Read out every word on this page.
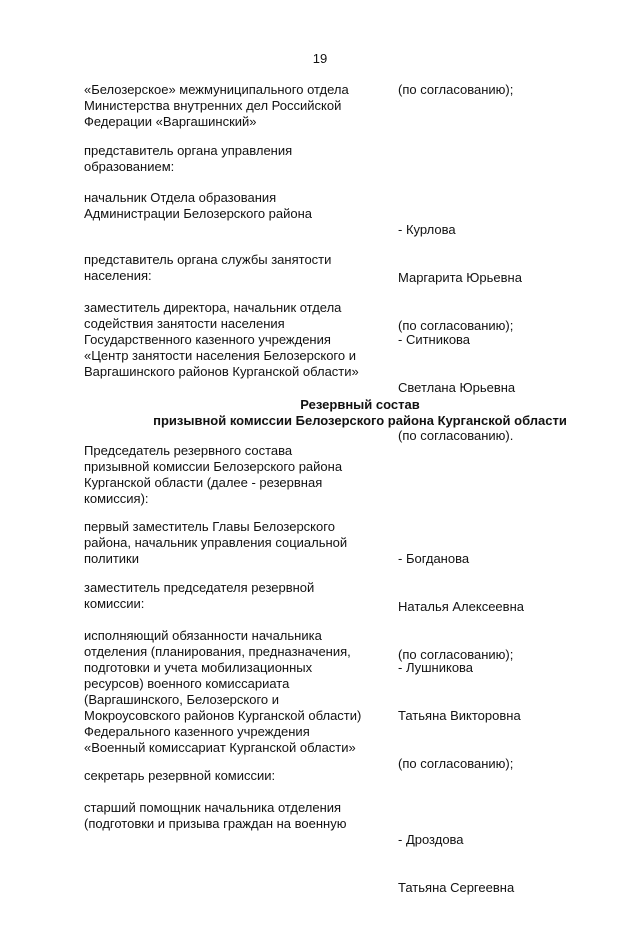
19
«Белозерское» межмуниципального отдела
Министерства внутренних дел Российской
Федерации «Варгашинский»
(по согласованию);
представитель органа управления
образованием:
начальник Отдела образования
Администрации Белозерского района

- Курлова

Маргарита Юрьевна

(по согласованию);

представитель органа службы занятости
населения:
заместитель директора, начальник отдела
содействия занятости населения
Государственного казенного учреждения
«Центр занятости населения Белозерского и
Варгашинского районов Курганской области»

- Ситникова

Светлана Юрьевна

(по согласованию).

Резервный состав
призывной комиссии Белозерского района Курганской области
Председатель резервного состава
призывной комиссии Белозерского района
Курганской области (далее - резервная
комиссия):
первый заместитель Главы Белозерского
района, начальник управления социальной
политики

	- Богданова

Наталья Алексеевна

(по согласованию);

заместитель председателя резервной
комиссии:
исполняющий обязанности начальника
отделения (планирования, предназначения,
подготовки и учета мобилизационных
ресурсов) военного комиссариата
(Варгашинского, Белозерского и
Мокроусовского районов Курганской области)
Федерального казенного учреждения
«Военный комиссариат Курганской области»

- Лушникова

Татьяна Викторовна

(по согласованию);

секретарь резервной комиссии:
старший помощник начальника отделения
(подготовки и призыва граждан на военную

- Дроздова

Татьяна Сергеевна
